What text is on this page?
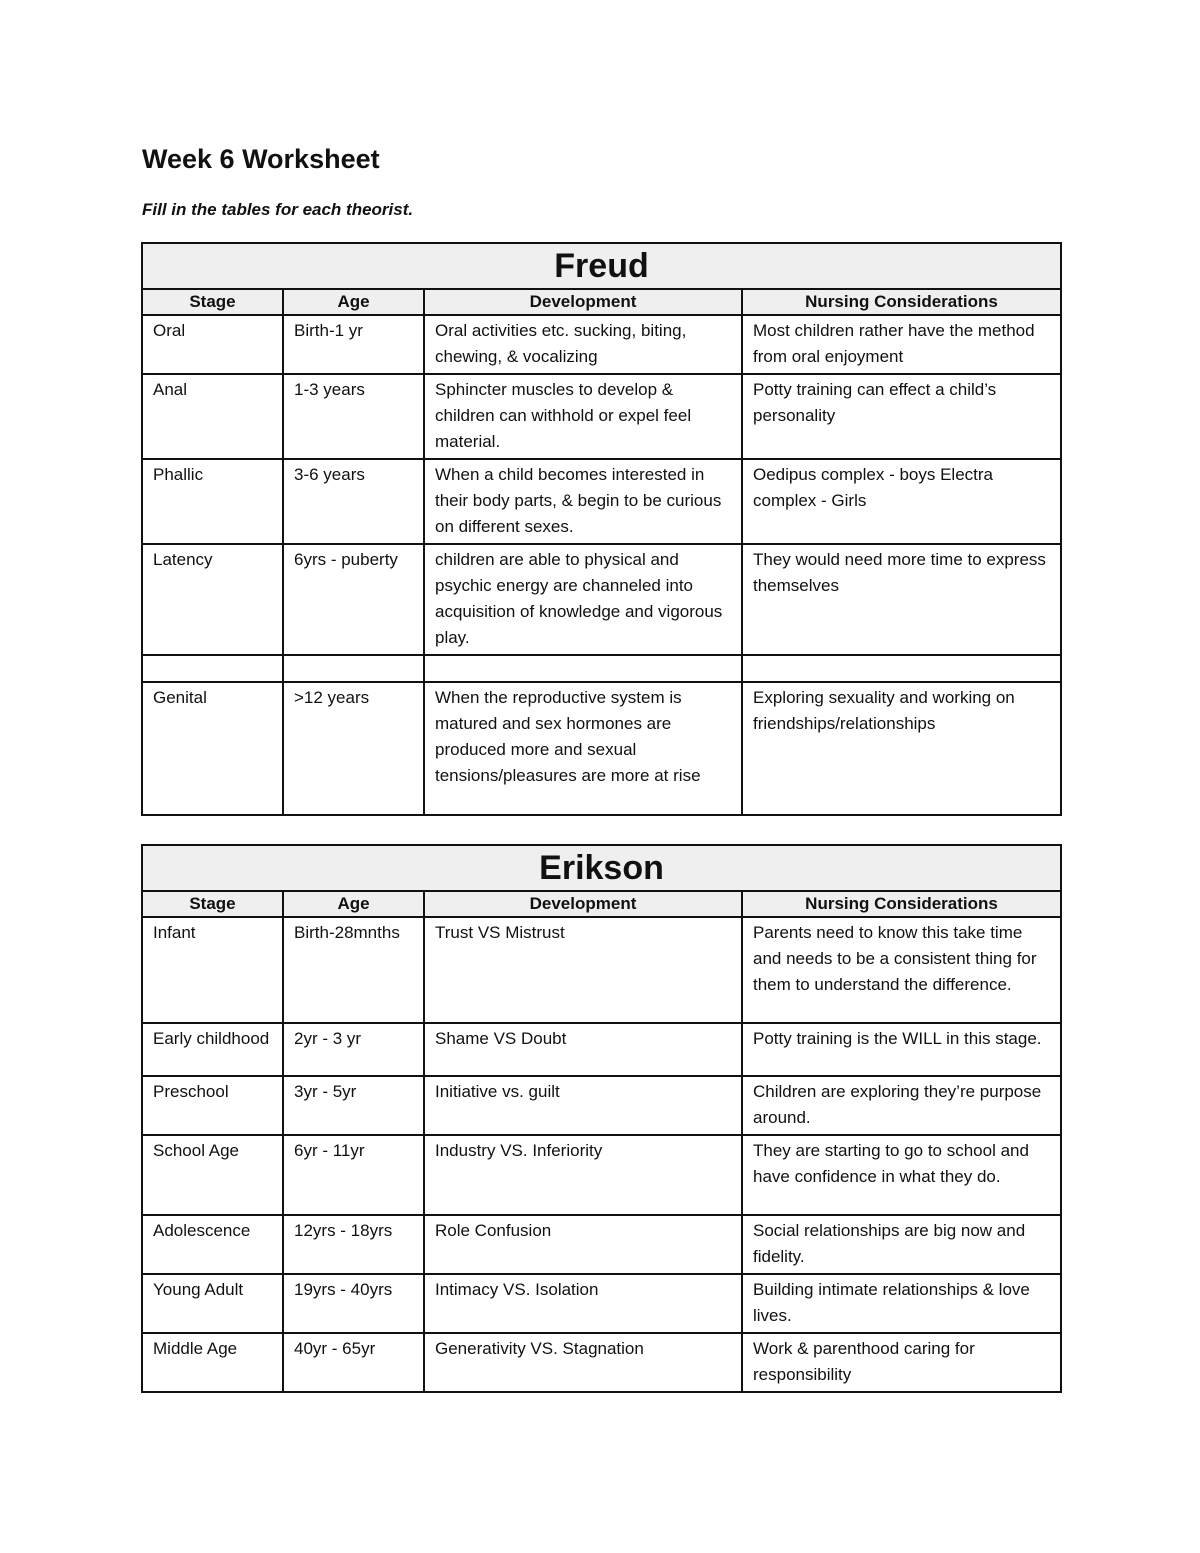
Week 6 Worksheet

Fill in the tables for each theorist.

Freud			
Stage	Age	Development	Nursing Considerations
Oral	Birth-1 yr	Oral activities etc. sucking, biting, chewing, & vocalizing	Most children rather have the method from oral enjoyment
Anal	1-3 years	Sphincter muscles to develop & children can withhold or expel feel material.	Potty training can effect a child’s personality
Phallic	3-6 years	When a child becomes interested in their body parts, & begin to be curious on different sexes.	Oedipus complex - boys Electra complex - Girls
Latency	6yrs - puberty	children are able to physical and psychic energy are channeled into acquisition of knowledge and vigorous play.	They would need more time to express themselves

Genital	>12 years	When the reproductive system is matured and sex hormones are produced more and sexual tensions/pleasures are more at rise	Exploring sexuality and working on friendships/relationships
Erikson			
Stage	Age	Development	Nursing Considerations
Infant	Birth-28mnths	Trust VS Mistrust	Parents need to know this take time and needs to be a consistent thing for them to understand the difference.
Early childhood	2yr - 3 yr	Shame VS Doubt	Potty training is the WILL in this stage.
Preschool	3yr - 5yr	Initiative vs. guilt	Children are exploring they’re purpose around.
School Age	6yr - 11yr	Industry VS. Inferiority	They are starting to go to school and have confidence in what they do.
Adolescence	12yrs - 18yrs	Role Confusion	Social relationships are big now and fidelity.
Young Adult	19yrs - 40yrs	Intimacy VS. Isolation	Building intimate relationships & love lives.
Middle Age	40yr - 65yr	Generativity VS. Stagnation	Work & parenthood caring for responsibility
